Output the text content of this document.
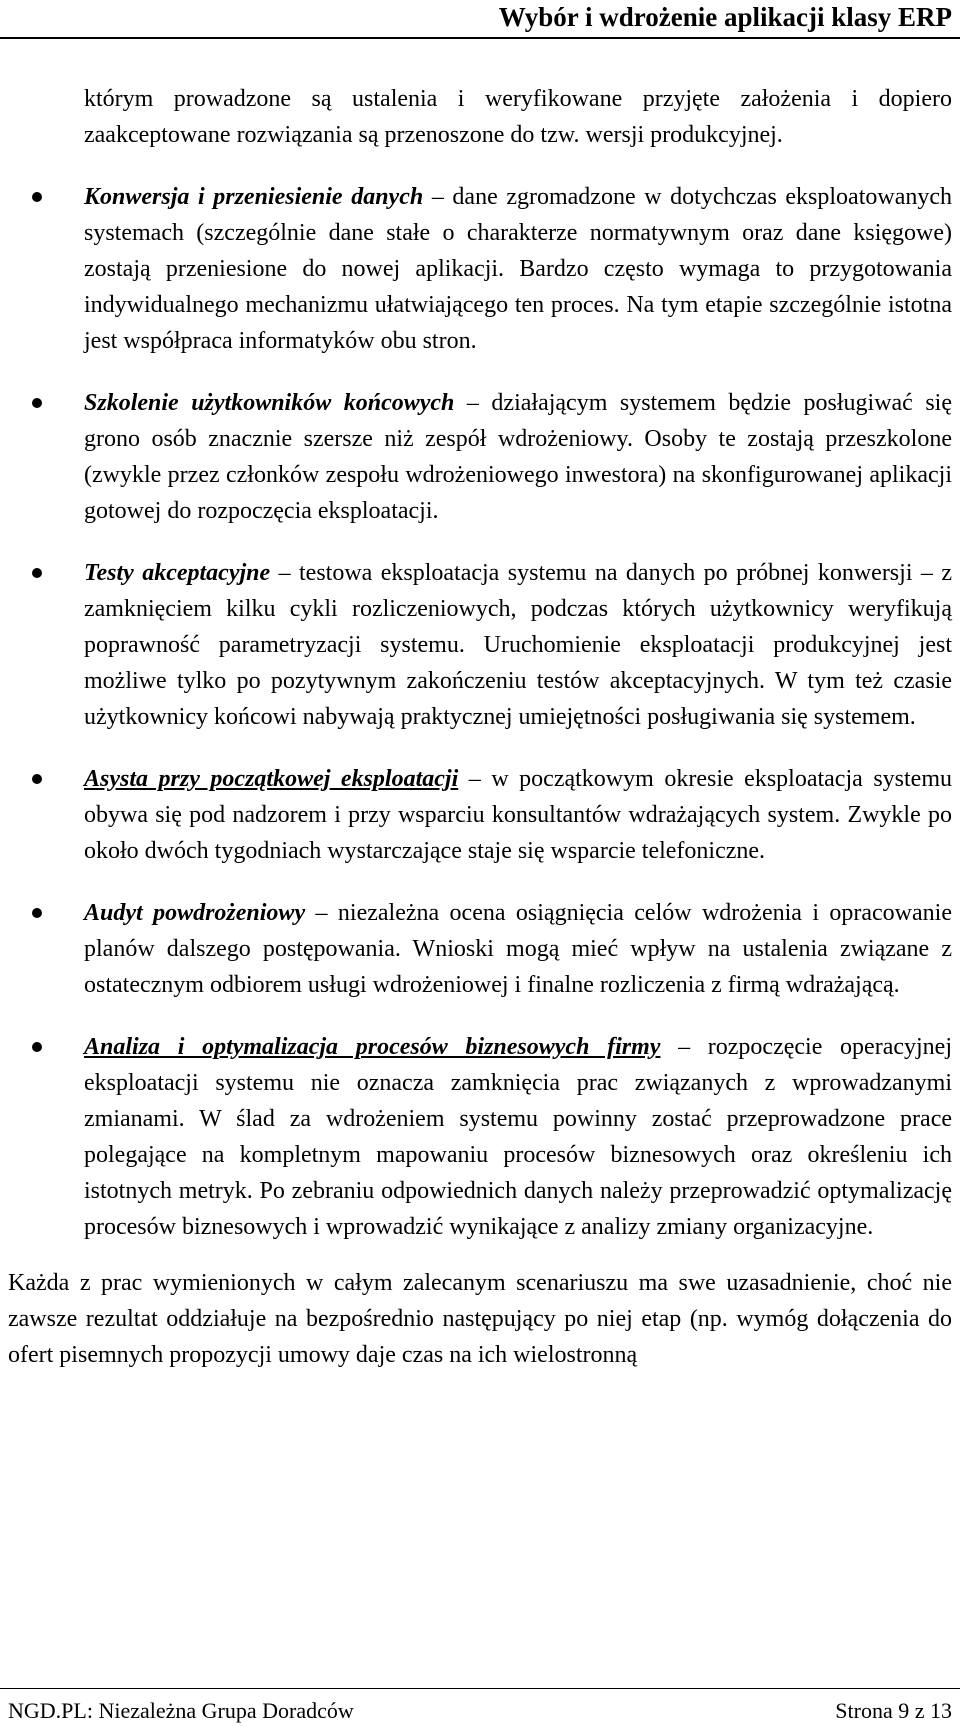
Wybór i wdrożenie aplikacji klasy ERP

którym prowadzone są ustalenia i weryfikowane przyjęte założenia i dopiero zaakceptowane rozwiązania są przenoszone do tzw. wersji produkcyjnej.

Konwersja i przeniesienie danych – dane zgromadzone w dotychczas eksploatowanych systemach (szczególnie dane stałe o charakterze normatywnym oraz dane księgowe) zostają przeniesione do nowej aplikacji. Bardzo często wymaga to przygotowania indywidualnego mechanizmu ułatwiającego ten proces. Na tym etapie szczególnie istotna jest współpraca informatyków obu stron.
Szkolenie użytkowników końcowych – działającym systemem będzie posługiwać się grono osób znacznie szersze niż zespół wdrożeniowy. Osoby te zostają przeszkolone (zwykle przez członków zespołu wdrożeniowego inwestora) na skonfigurowanej aplikacji gotowej do rozpoczęcia eksploatacji.
Testy akceptacyjne – testowa eksploatacja systemu na danych po próbnej konwersji – z zamknięciem kilku cykli rozliczeniowych, podczas których użytkownicy weryfikują poprawność parametryzacji systemu. Uruchomienie eksploatacji produkcyjnej jest możliwe tylko po pozytywnym zakończeniu testów akceptacyjnych. W tym też czasie użytkownicy końcowi nabywają praktycznej umiejętności posługiwania się systemem.
Asysta przy początkowej eksploatacji – w początkowym okresie eksploatacja systemu obywa się pod nadzorem i przy wsparciu konsultantów wdrażających system. Zwykle po około dwóch tygodniach wystarczające staje się wsparcie telefoniczne.
Audyt powdrożeniowy – niezależna ocena osiągnięcia celów wdrożenia i opracowanie planów dalszego postępowania. Wnioski mogą mieć wpływ na ustalenia związane z ostatecznym odbiorem usługi wdrożeniowej i finalne rozliczenia z firmą wdrażającą.
Analiza i optymalizacja procesów biznesowych firmy – rozpoczęcie operacyjnej eksploatacji systemu nie oznacza zamknięcia prac związanych z wprowadzanymi zmianami. W ślad za wdrożeniem systemu powinny zostać przeprowadzone prace polegające na kompletnym mapowaniu procesów biznesowych oraz określeniu ich istotnych metryk. Po zebraniu odpowiednich danych należy przeprowadzić optymalizację procesów biznesowych i wprowadzić wynikające z analizy zmiany organizacyjne.

Każda z prac wymienionych w całym zalecanym scenariuszu ma swe uzasadnienie, choć nie zawsze rezultat oddziałuje na bezpośrednio następujący po niej etap (np. wymóg dołączenia do ofert pisemnych propozycji umowy daje czas na ich wielostronną

NGD.PL: Niezależna Grupa Doradców	Strona 9 z 13
